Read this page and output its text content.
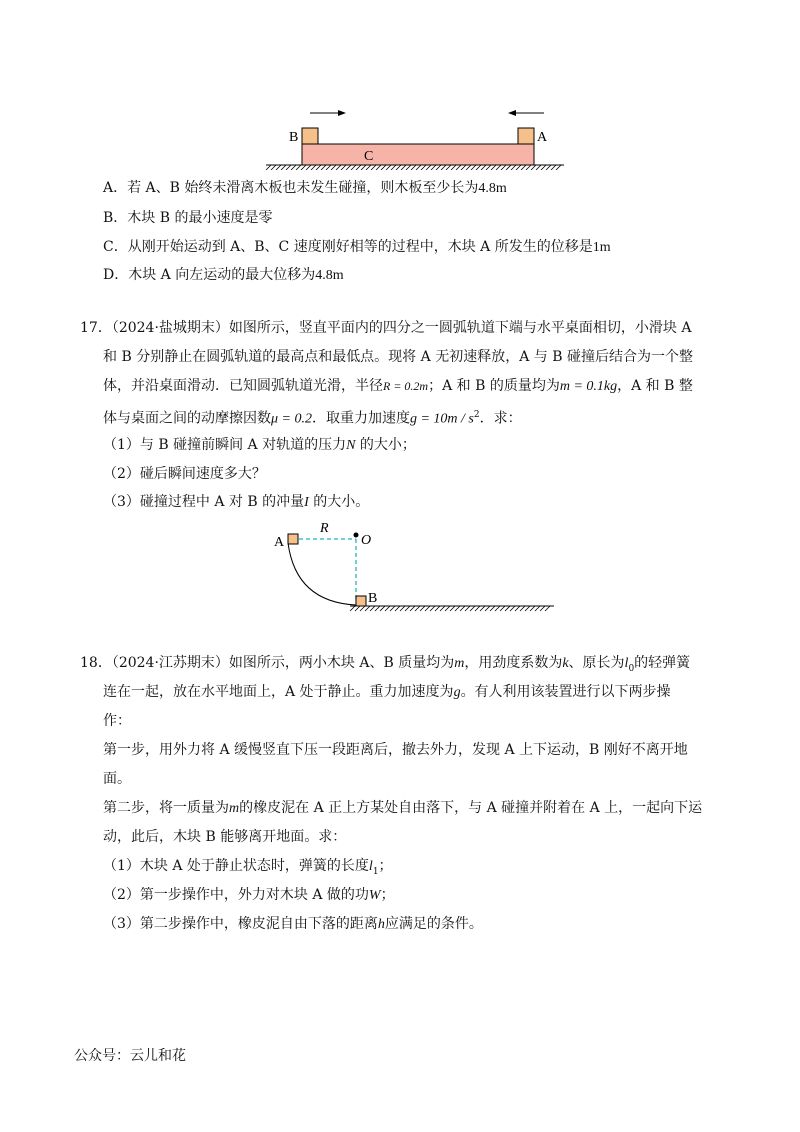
B	A
C
A．若 A、B 始终未滑离木板也未发生碰撞，则木板至少长为4.8m
B．木块 B 的最小速度是零
C．从刚开始运动到 A、B、C 速度刚好相等的过程中，木块 A 所发生的位移是1m
D．木块 A 向左运动的最大位移为4.8m
17．（2024·盐城期末）如图所示，竖直平面内的四分之一圆弧轨道下端与水平桌面相切，小滑块 A
和 B 分别静止在圆弧轨道的最高点和最低点。现将 A 无初速释放，A 与 B 碰撞后结合为一个整
体，并沿桌面滑动．已知圆弧轨道光滑，半径R = 0.2m；A 和 B 的质量均为m = 0.1kg，A 和 B 整
体与桌面之间的动摩擦因数μ = 0.2．取重力加速度$g = 10m / s^2$．求：
（1）与 B 碰撞前瞬间 A 对轨道的压力N 的大小；
（2）碰后瞬间速度多大？
（3）碰撞过程中 A 对 B 的冲量I 的大小。
R
O
A
B
18．（2024·江苏期末）如图所示，两小木块 A、B 质量均为m，用劲度系数为k、原长为$l_0$的轻弹簧
连在一起，放在水平地面上，A 处于静止。重力加速度为g。有人利用该装置进行以下两步操
作：
第一步，用外力将 A 缓慢竖直下压一段距离后，撤去外力，发现 A 上下运动，B 刚好不离开地
面。
第二步，将一质量为m的橡皮泥在 A 正上方某处自由落下，与 A 碰撞并附着在 A 上，一起向下运
动，此后，木块 B 能够离开地面。求：
（1）木块 A 处于静止状态时，弹簧的长度$l_1$；
（2）第一步操作中，外力对木块 A 做的功W；
（3）第二步操作中，橡皮泥自由下落的距离h应满足的条件。
公众号：云儿和花
